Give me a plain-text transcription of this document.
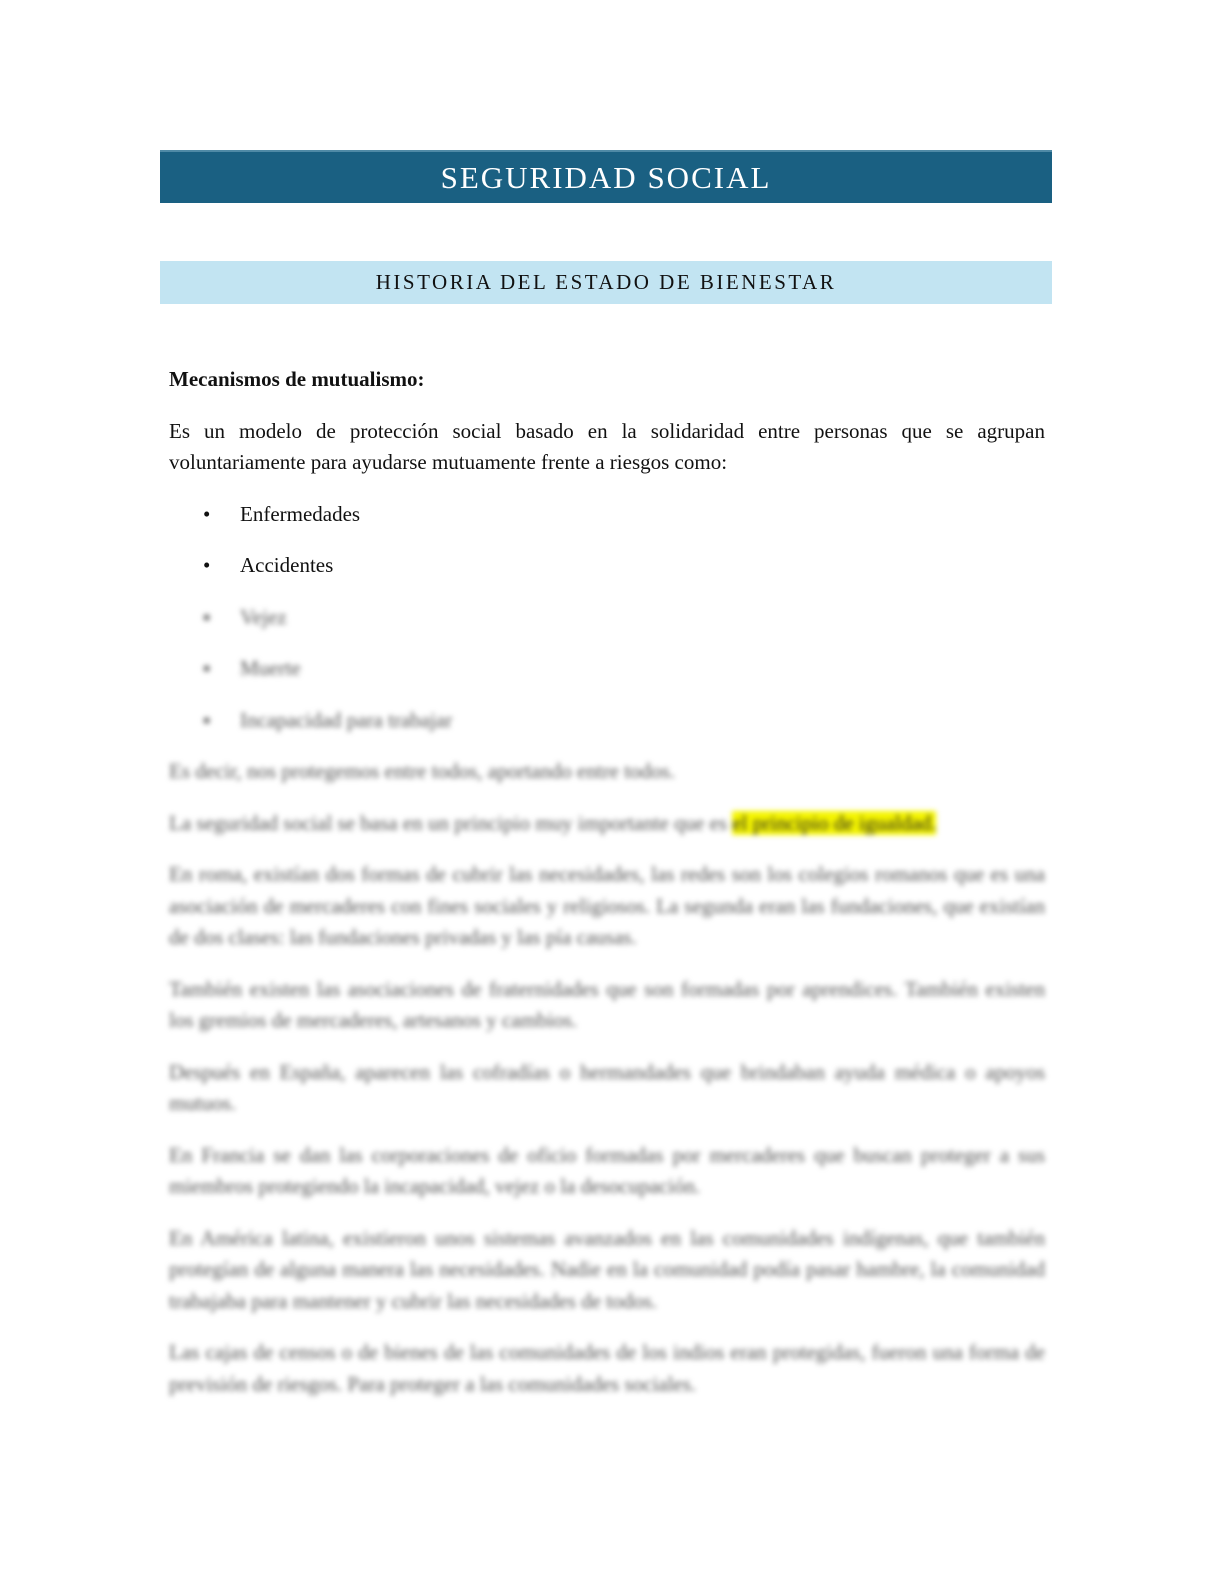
SEGURIDAD SOCIAL
HISTORIA DEL ESTADO DE BIENESTAR

Mecanismos de mutualismo:

Es un modelo de protección social basado en la solidaridad entre personas que se agrupan voluntariamente para ayudarse mutuamente frente a riesgos como:

• Enfermedades
• Accidentes
▪ Vejez
▪ Muerte
▪ Incapacidad para trabajar

Es decir, nos protegemos entre todos, aportando entre todos.

La seguridad social se basa en un principio muy importante que es el principio de igualdad.

En roma, existían dos formas de cubrir las necesidades, las redes son los colegios romanos que es una asociación de mercaderes con fines sociales y religiosos. La segunda eran las fundaciones, que existían de dos clases: las fundaciones privadas y las pía causas.

También existen las asociaciones de fraternidades que son formadas por aprendices. También existen los gremios de mercaderes, artesanos y cambios.

Después en España, aparecen las cofradías o hermandades que brindaban ayuda médica o apoyos mutuos.

En Francia se dan las corporaciones de oficio formadas por mercaderes que buscan proteger a sus miembros protegiendo la incapacidad, vejez o la desocupación.

En América latina, existieron unos sistemas avanzados en las comunidades indígenas, que también protegían de alguna manera las necesidades. Nadie en la comunidad podía pasar hambre, la comunidad trabajaba para mantener y cubrir las necesidades de todos.

Las cajas de censos o de bienes de las comunidades de los indios eran protegidas, fueron una forma de previsión de riesgos. Para proteger a las comunidades sociales.
